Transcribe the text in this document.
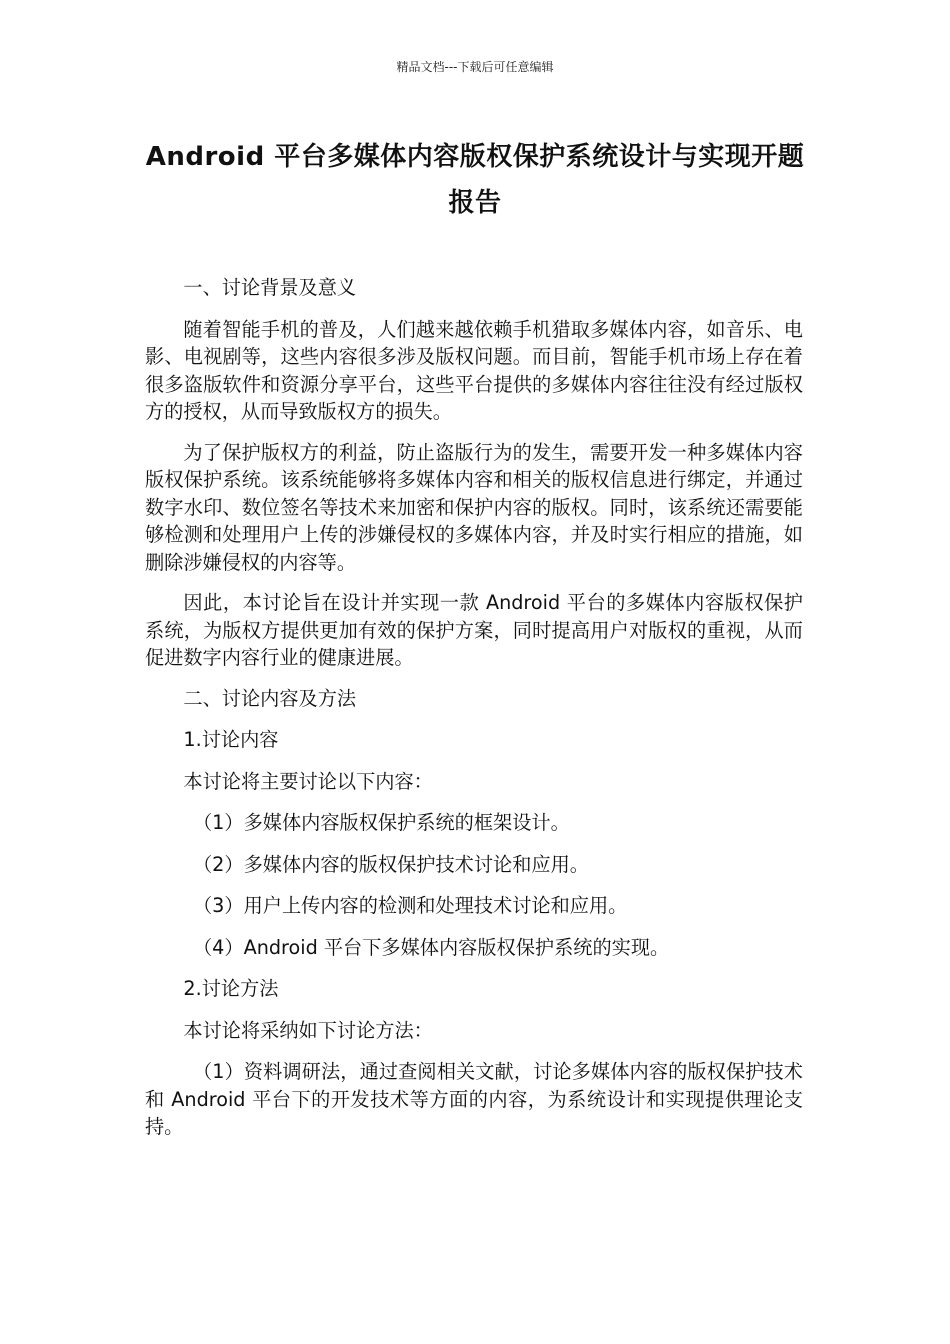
精品文档---下载后可任意编辑
Android 平台多媒体内容版权保护系统设计与实现开题报告

一、讨论背景及意义

随着智能手机的普及，人们越来越依赖手机猎取多媒体内容，如音乐、电影、电视剧等，这些内容很多涉及版权问题。而目前，智能手机市场上存在着很多盗版软件和资源分享平台，这些平台提供的多媒体内容往往没有经过版权方的授权，从而导致版权方的损失。

为了保护版权方的利益，防止盗版行为的发生，需要开发一种多媒体内容版权保护系统。该系统能够将多媒体内容和相关的版权信息进行绑定，并通过数字水印、数位签名等技术来加密和保护内容的版权。同时，该系统还需要能够检测和处理用户上传的涉嫌侵权的多媒体内容，并及时实行相应的措施，如删除涉嫌侵权的内容等。

因此，本讨论旨在设计并实现一款 Android 平台的多媒体内容版权保护系统，为版权方提供更加有效的保护方案，同时提高用户对版权的重视，从而促进数字内容行业的健康进展。

二、讨论内容及方法

1.讨论内容

本讨论将主要讨论以下内容：

（1）多媒体内容版权保护系统的框架设计。

（2）多媒体内容的版权保护技术讨论和应用。

（3）用户上传内容的检测和处理技术讨论和应用。

（4）Android 平台下多媒体内容版权保护系统的实现。

2.讨论方法

本讨论将采纳如下讨论方法：

（1）资料调研法，通过查阅相关文献，讨论多媒体内容的版权保护技术和 Android 平台下的开发技术等方面的内容，为系统设计和实现提供理论支持。
